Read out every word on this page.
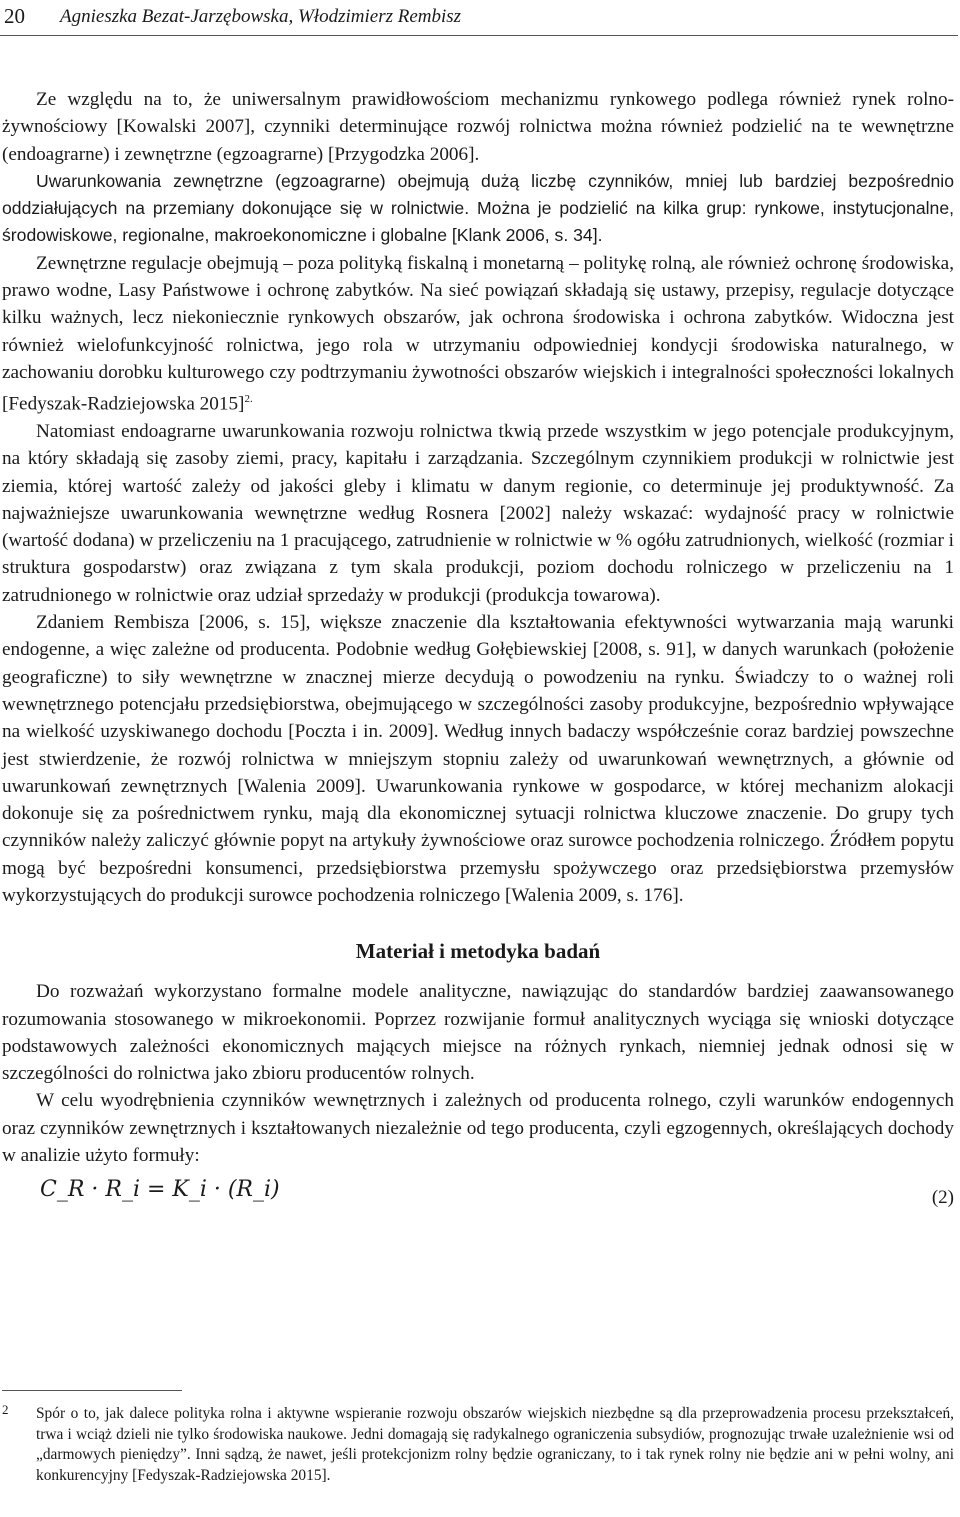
20 Agnieszka Bezat-Jarzębowska, Włodzimierz Rembisz

Ze względu na to, że uniwersalnym prawidłowościom mechanizmu rynkowego podlega również rynek rolno-żywnościowy [Kowalski 2007], czynniki determinujące rozwój rolnictwa można również podzielić na te wewnętrzne (endoagrarne) i zewnętrzne (egzoagrarne) [Przygodzka 2006].

Uwarunkowania zewnętrzne (egzoagrarne) obejmują dużą liczbę czynników, mniej lub bardziej bezpośrednio oddziałujących na przemiany dokonujące się w rolnictwie. Można je podzielić na kilka grup: rynkowe, instytucjonalne, środowiskowe, regionalne, makroekonomiczne i globalne [Klank 2006, s. 34].

Zewnętrzne regulacje obejmują – poza polityką fiskalną i monetarną – politykę rolną, ale również ochronę środowiska, prawo wodne, Lasy Państwowe i ochronę zabytków. Na sieć powiązań składają się ustawy, przepisy, regulacje dotyczące kilku ważnych, lecz niekoniecznie rynkowych obszarów, jak ochrona środowiska i ochrona zabytków. Widoczna jest również wielofunkcyjność rolnictwa, jego rola w utrzymaniu odpowiedniej kondycji środowiska naturalnego, w zachowaniu dorobku kulturowego czy podtrzymaniu żywotności obszarów wiejskich i integralności społeczności lokalnych [Fedyszak-Radziejowska 2015]$^{2.}$

Natomiast endoagrarne uwarunkowania rozwoju rolnictwa tkwią przede wszystkim w jego potencjale produkcyjnym, na który składają się zasoby ziemi, pracy, kapitału i zarządzania. Szczególnym czynnikiem produkcji w rolnictwie jest ziemia, której wartość zależy od jakości gleby i klimatu w danym regionie, co determinuje jej produktywność. Za najważniejsze uwarunkowania wewnętrzne według Rosnera [2002] należy wskazać: wydajność pracy w rolnictwie (wartość dodana) w przeliczeniu na 1 pracującego, zatrudnienie w rolnictwie w % ogółu zatrudnionych, wielkość (rozmiar i struktura gospodarstw) oraz związana z tym skala produkcji, poziom dochodu rolniczego w przeliczeniu na 1 zatrudnionego w rolnictwie oraz udział sprzedaży w produkcji (produkcja towarowa).

Zdaniem Rembisza [2006, s. 15], większe znaczenie dla kształtowania efektywności wytwarzania mają warunki endogenne, a więc zależne od producenta. Podobnie według Gołębiewskiej [2008, s. 91], w danych warunkach (położenie geograficzne) to siły wewnętrzne w znacznej mierze decydują o powodzeniu na rynku. Świadczy to o ważnej roli wewnętrznego potencjału przedsiębiorstwa, obejmującego w szczególności zasoby produkcyjne, bezpośrednio wpływające na wielkość uzyskiwanego dochodu [Poczta i in. 2009]. Według innych badaczy współcześnie coraz bardziej powszechne jest stwierdzenie, że rozwój rolnictwa w mniejszym stopniu zależy od uwarunkowań wewnętrznych, a głównie od uwarunkowań zewnętrznych [Walenia 2009]. Uwarunkowania rynkowe w gospodarce, w której mechanizm alokacji dokonuje się za pośrednictwem rynku, mają dla ekonomicznej sytuacji rolnictwa kluczowe znaczenie. Do grupy tych czynników należy zaliczyć głównie popyt na artykuły żywnościowe oraz surowce pochodzenia rolniczego. Źródłem popytu mogą być bezpośredni konsumenci, przedsiębiorstwa przemysłu spożywczego oraz przedsiębiorstwa przemysłów wykorzystujących do produkcji surowce pochodzenia rolniczego [Walenia 2009, s. 176].

Materiał i metodyka badań

Do rozważań wykorzystano formalne modele analityczne, nawiązując do standardów bardziej zaawansowanego rozumowania stosowanego w mikroekonomii. Poprzez rozwijanie formuł analitycznych wyciąga się wnioski dotyczące podstawowych zależności ekonomicznych mających miejsce na różnych rynkach, niemniej jednak odnosi się w szczególności do rolnictwa jako zbioru producentów rolnych.

W celu wyodrębnienia czynników wewnętrznych i zależnych od producenta rolnego, czyli warunków endogennych oraz czynników zewnętrznych i kształtowanych niezależnie od tego producenta, czyli egzogennych, określających dochody w analizie użyto formuły:

C_R · R_i = K_i · (R_i)	(2)
2 Spór o to, jak dalece polityka rolna i aktywne wspieranie rozwoju obszarów wiejskich niezbędne są dla przeprowadzenia procesu przekształceń, trwa i wciąż dzieli nie tylko środowiska naukowe. Jedni domagają się radykalnego ograniczenia subsydiów, prognozując trwałe uzależnienie wsi od „darmowych pieniędzy”. Inni sądzą, że nawet, jeśli protekcjonizm rolny będzie ograniczany, to i tak rynek rolny nie będzie ani w pełni wolny, ani konkurencyjny [Fedyszak-Radziejowska 2015].
